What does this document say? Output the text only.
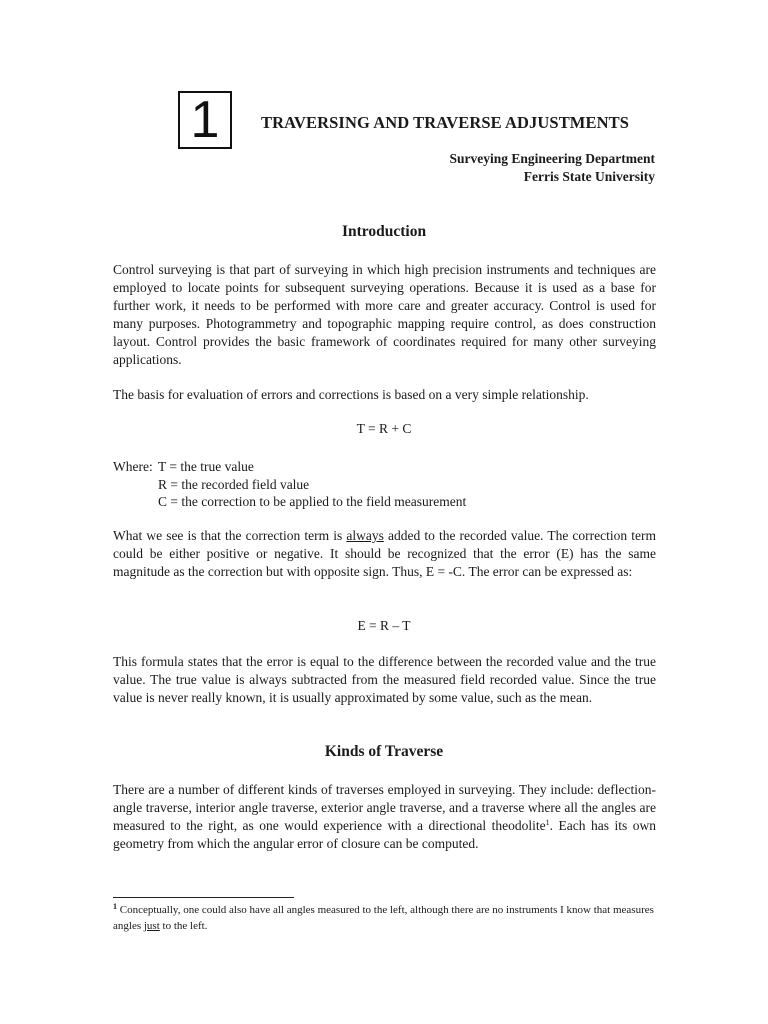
1	TRAVERSING AND TRAVERSE ADJUSTMENTS

Surveying Engineering Department

Ferris State University

Introduction

Control surveying is that part of surveying in which high precision instruments and techniques are employed to locate points for subsequent surveying operations. Because it is used as a base for further work, it needs to be performed with more care and greater accuracy. Control is used for many purposes. Photogrammetry and topographic mapping require control, as does construction layout. Control provides the basic framework of coordinates required for many other surveying applications.

The basis for evaluation of errors and corrections is based on a very simple relationship.

T = R + C

Where: T = the true value
R = the recorded field value
C = the correction to be applied to the field measurement

What we see is that the correction term is always added to the recorded value. The correction term could be either positive or negative. It should be recognized that the error (E) has the same magnitude as the correction but with opposite sign. Thus, E = -C. The error can be expressed as:

E = R – T

This formula states that the error is equal to the difference between the recorded value and the true value. The true value is always subtracted from the measured field recorded value. Since the true value is never really known, it is usually approximated by some value, such as the mean.

Kinds of Traverse

There are a number of different kinds of traverses employed in surveying. They include: deflection-angle traverse, interior angle traverse, exterior angle traverse, and a traverse where all the angles are measured to the right, as one would experience with a directional theodolite$^1$. Each has its own geometry from which the angular error of closure can be computed.

$^1$ Conceptually, one could also have all angles measured to the left, although there are no instruments I know that measures angles just to the left.
